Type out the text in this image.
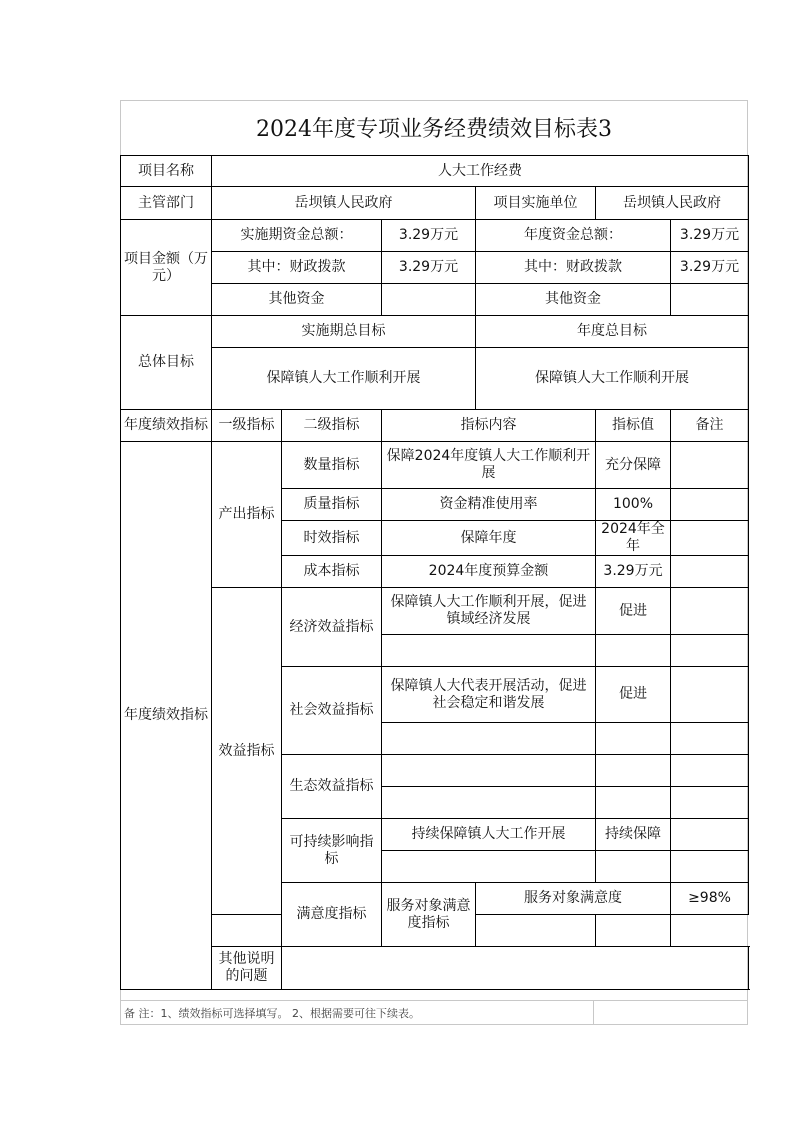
2024年度专项业务经费绩效目标表3
项目名称	人大工作经费						
主管部门	岳坝镇人民政府			项目实施单位	岳坝镇人民政府		
项目金额（万元）	实施期资金总额：		3.29万元	年度资金总额：		3.29万元	
	其中：财政拨款		3.29万元	其中：财政拨款		3.29万元	
	其他资金			其他资金			
总体目标	实施期总目标			年度总目标			
	保障镇人大工作顺利开展			保障镇人大工作顺利开展			
年度绩效指标	一级指标	二级指标	指标内容		指标值	备注	
年度绩效指标	产出指标	数量指标	保障2024年度镇人大工作顺利开展		充分保障		
		质量指标	资金精准使用率		100%		
		时效指标	保障年度		2024年全年		
		成本指标	2024年度预算金额		3.29万元		
	效益指标	经济效益指标	保障镇人大工作顺利开展，促进镇域经济发展		促进		

		社会效益指标	保障镇人大代表开展活动，促进社会稳定和谐发展		促进		

		生态效益指标					

		可持续影响指标	持续保障镇人大工作开展		持续保障		

		满意度指标	服务对象满意度指标	服务对象满意度		≥98%	

	其他说明的问题						
备 注：1、绩效指标可选择填写。 2、根据需要可往下续表。
